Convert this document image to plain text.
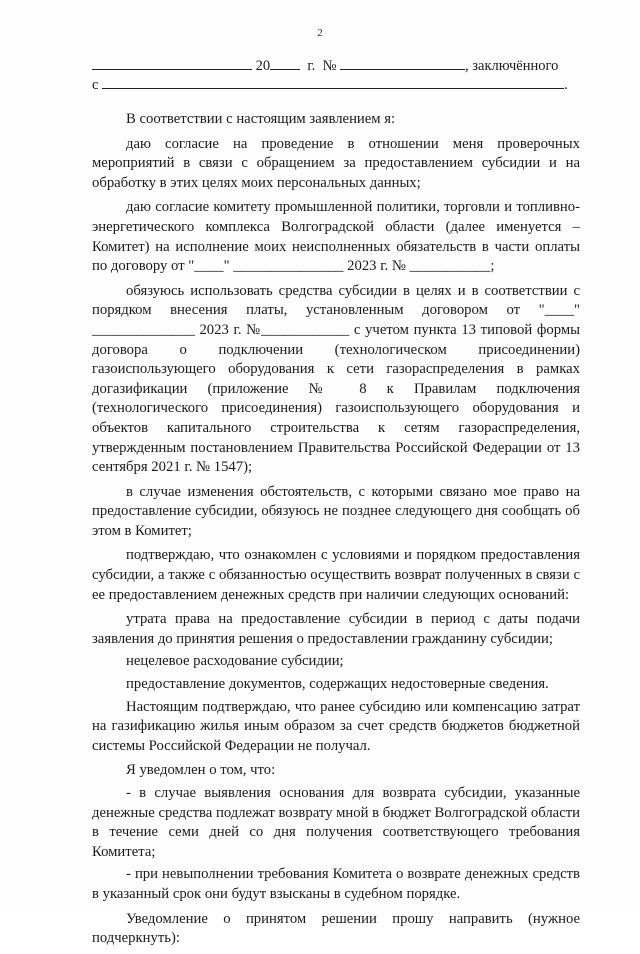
2
20	г. №	, заключённого
с	.

В соответствии с настоящим заявлением я:

даю согласие на проведение в отношении меня проверочных мероприятий в связи с обращением за предоставлением субсидии и на обработку в этих целях моих персональных данных;

даю согласие комитету промышленной политики, торговли и топливно-энергетического комплекса Волгоградской области (далее именуется – Комитет) на исполнение моих неисполненных обязательств в части оплаты по договору от "____" _______________ 2023 г. № ___________;

обязуюсь использовать средства субсидии в целях и в соответствии с порядком внесения платы, установленным договором от "____" ______________ 2023 г. №____________ с учетом пункта 13 типовой формы договора о подключении (технологическом присоединении) газоиспользующего оборудования к сети газораспределения в рамках догазификации (приложение № 8 к Правилам подключения (технологического присоединения) газоиспользующего оборудования и объектов капитального строительства к сетям газораспределения, утвержденным постановлением Правительства Российской Федерации от 13 сентября 2021 г. № 1547);

в случае изменения обстоятельств, с которыми связано мое право на предоставление субсидии, обязуюсь не позднее следующего дня сообщать об этом в Комитет;

подтверждаю, что ознакомлен с условиями и порядком предоставления субсидии, а также с обязанностью осуществить возврат полученных в связи с ее предоставлением денежных средств при наличии следующих оснований:

утрата права на предоставление субсидии в период с даты подачи заявления до принятия решения о предоставлении гражданину субсидии;

нецелевое расходование субсидии;

предоставление документов, содержащих недостоверные сведения.

Настоящим подтверждаю, что ранее субсидию или компенсацию затрат на газификацию жилья иным образом за счет средств бюджетов бюджетной системы Российской Федерации не получал.

Я уведомлен о том, что:

- в случае выявления основания для возврата субсидии, указанные денежные средства подлежат возврату мной в бюджет Волгоградской области в течение семи дней со дня получения соответствующего требования Комитета;

- при невыполнении требования Комитета о возврате денежных средств в указанный срок они будут взысканы в судебном порядке.

Уведомление о принятом решении прошу направить (нужное подчеркнуть):
